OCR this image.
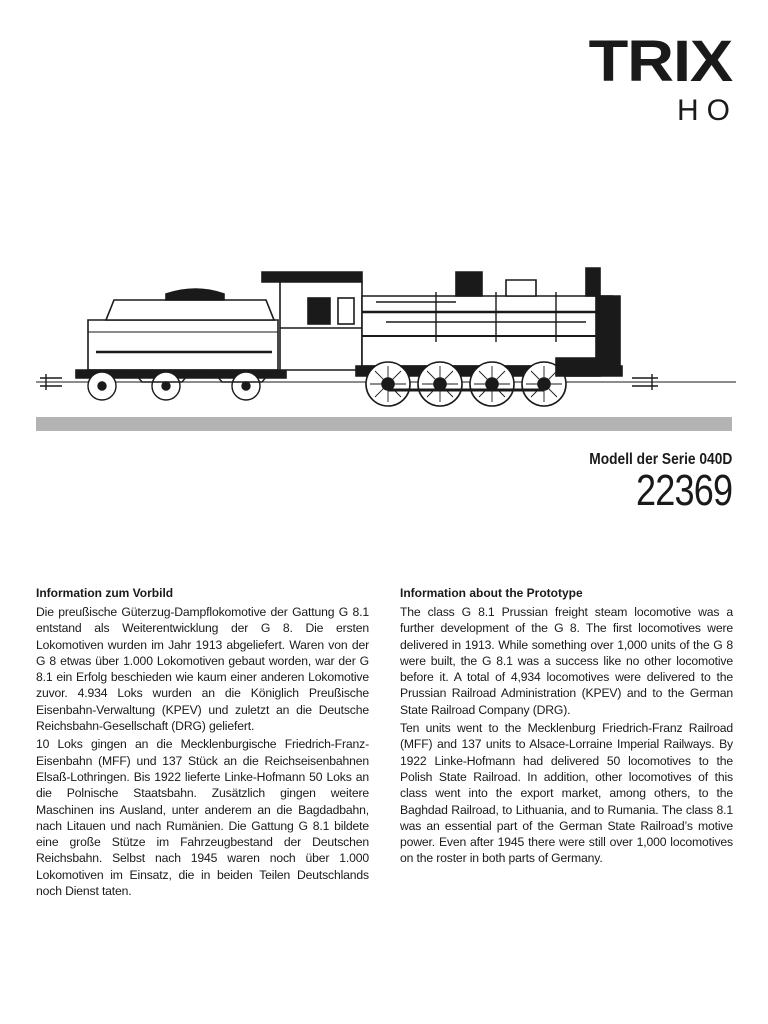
TRIX
HO
Modell der Serie 040D
22369
Information zum Vorbild

Die preußische Güterzug-Dampflokomotive der Gattung G 8.1 entstand als Weiterentwicklung der G 8. Die ersten Lokomotiven wurden im Jahr 1913 abgeliefert. Waren von der G 8 etwas über 1.000 Lokomotiven gebaut worden, war der G 8.1 ein Erfolg beschieden wie kaum einer anderen Lokomotive zuvor. 4.934 Loks wurden an die Königlich Preußische Eisenbahn-Verwaltung (KPEV) und zuletzt an die Deutsche Reichsbahn-Gesellschaft (DRG) geliefert.

10 Loks gingen an die Mecklenburgische Friedrich-Franz-Eisenbahn (MFF) und 137 Stück an die Reichseisenbahnen Elsaß-Lothringen. Bis 1922 lieferte Linke-Hofmann 50 Loks an die Polnische Staatsbahn. Zusätzlich gingen weitere Maschinen ins Ausland, unter anderem an die Bagdadbahn, nach Litauen und nach Rumänien. Die Gattung G 8.1 bildete eine große Stütze im Fahrzeugbestand der Deutschen Reichsbahn. Selbst nach 1945 waren noch über 1.000 Lokomotiven im Einsatz, die in beiden Teilen Deutschlands noch Dienst taten.

Information about the Prototype

The class G 8.1 Prussian freight steam locomotive was a further development of the G 8. The first locomotives were delivered in 1913. While something over 1,000 units of the G 8 were built, the G 8.1 was a success like no other locomotive before it. A total of 4,934 locomotives were delivered to the Prussian Railroad Administration (KPEV) and to the German State Railroad Company (DRG).

Ten units went to the Mecklenburg Friedrich-Franz Railroad (MFF) and 137 units to Alsace-Lorraine Imperial Railways. By 1922 Linke-Hofmann had delivered 50 locomotives to the Polish State Railroad. In addition, other locomotives of this class went into the export market, among others, to the Baghdad Railroad, to Lithuania, and to Rumania. The class 8.1 was an essential part of the German State Railroad’s motive power. Even after 1945 there were still over 1,000 locomotives on the roster in both parts of Germany.
